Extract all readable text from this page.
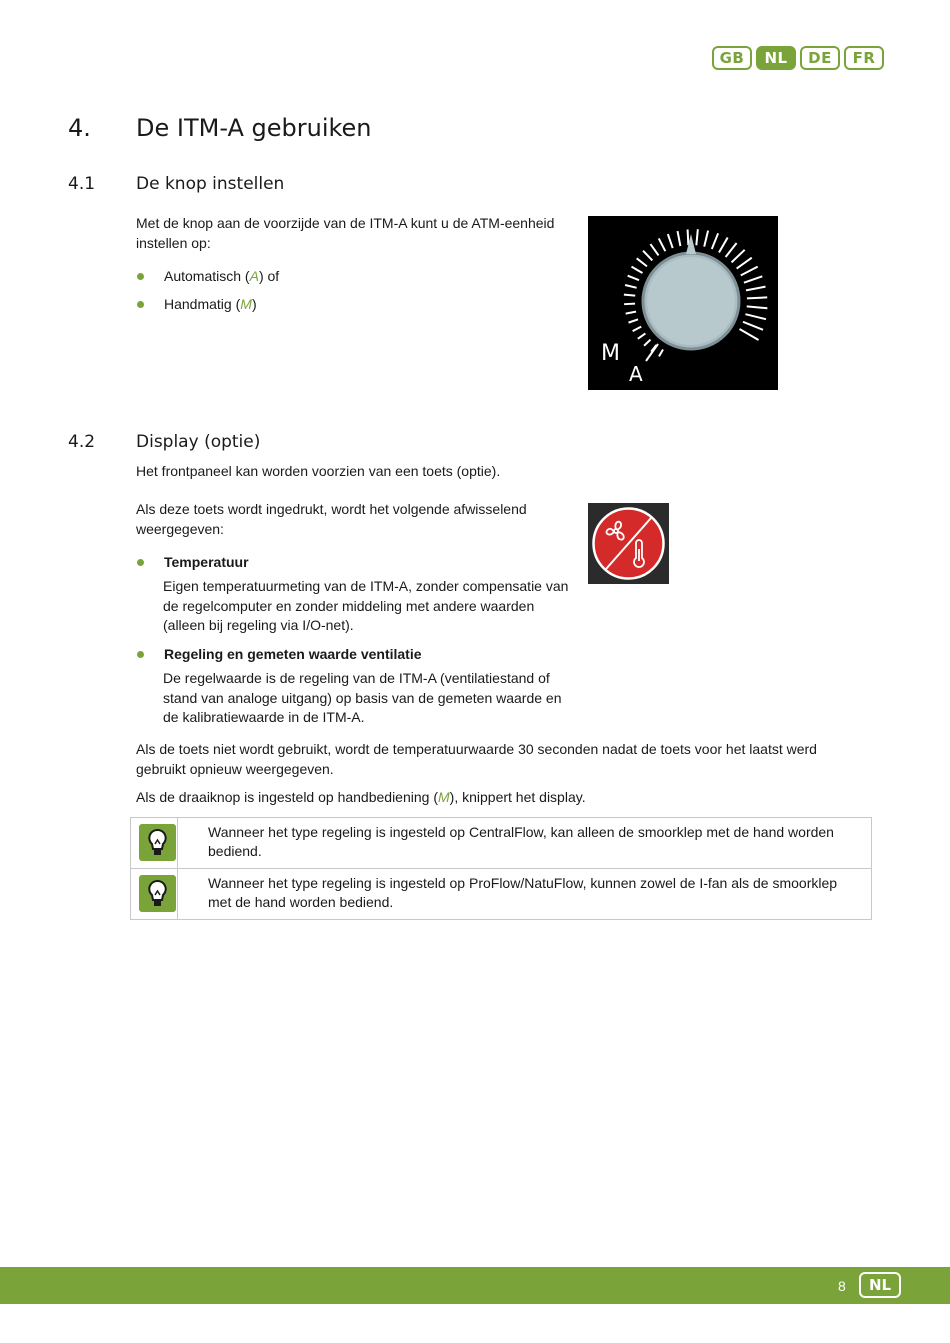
GB	NL	DE	FR
4. De ITM-A gebruiken
4.1 De knop instellen
Met de knop aan de voorzijde van de ITM-A kunt u de ATM-eenheid
instellen op:
Automatisch (A) of
Handmatig (M)
M
A
4.2 Display (optie)
Het frontpaneel kan worden voorzien van een toets (optie).
Als deze toets wordt ingedrukt, wordt het volgende afwisselend
weergegeven:
Temperatuur
Eigen temperatuurmeting van de ITM-A, zonder compensatie van
de regelcomputer en zonder middeling met andere waarden
(alleen bij regeling via I/O-net).
Regeling en gemeten waarde ventilatie
De regelwaarde is de regeling van de ITM-A (ventilatiestand of
stand van analoge uitgang) op basis van de gemeten waarde en
de kalibratiewaarde in de ITM-A.
Als de toets niet wordt gebruikt, wordt de temperatuurwaarde 30 seconden nadat de toets voor het laatst werd
gebruikt opnieuw weergegeven.
Als de draaiknop is ingesteld op handbediening (M), knippert het display.
Wanneer het type regeling is ingesteld op CentralFlow, kan alleen de smoorklep met de hand worden
bediend.
Wanneer het type regeling is ingesteld op ProFlow/NatuFlow, kunnen zowel de I-fan als de smoorklep
met de hand worden bediend.
8	NL
